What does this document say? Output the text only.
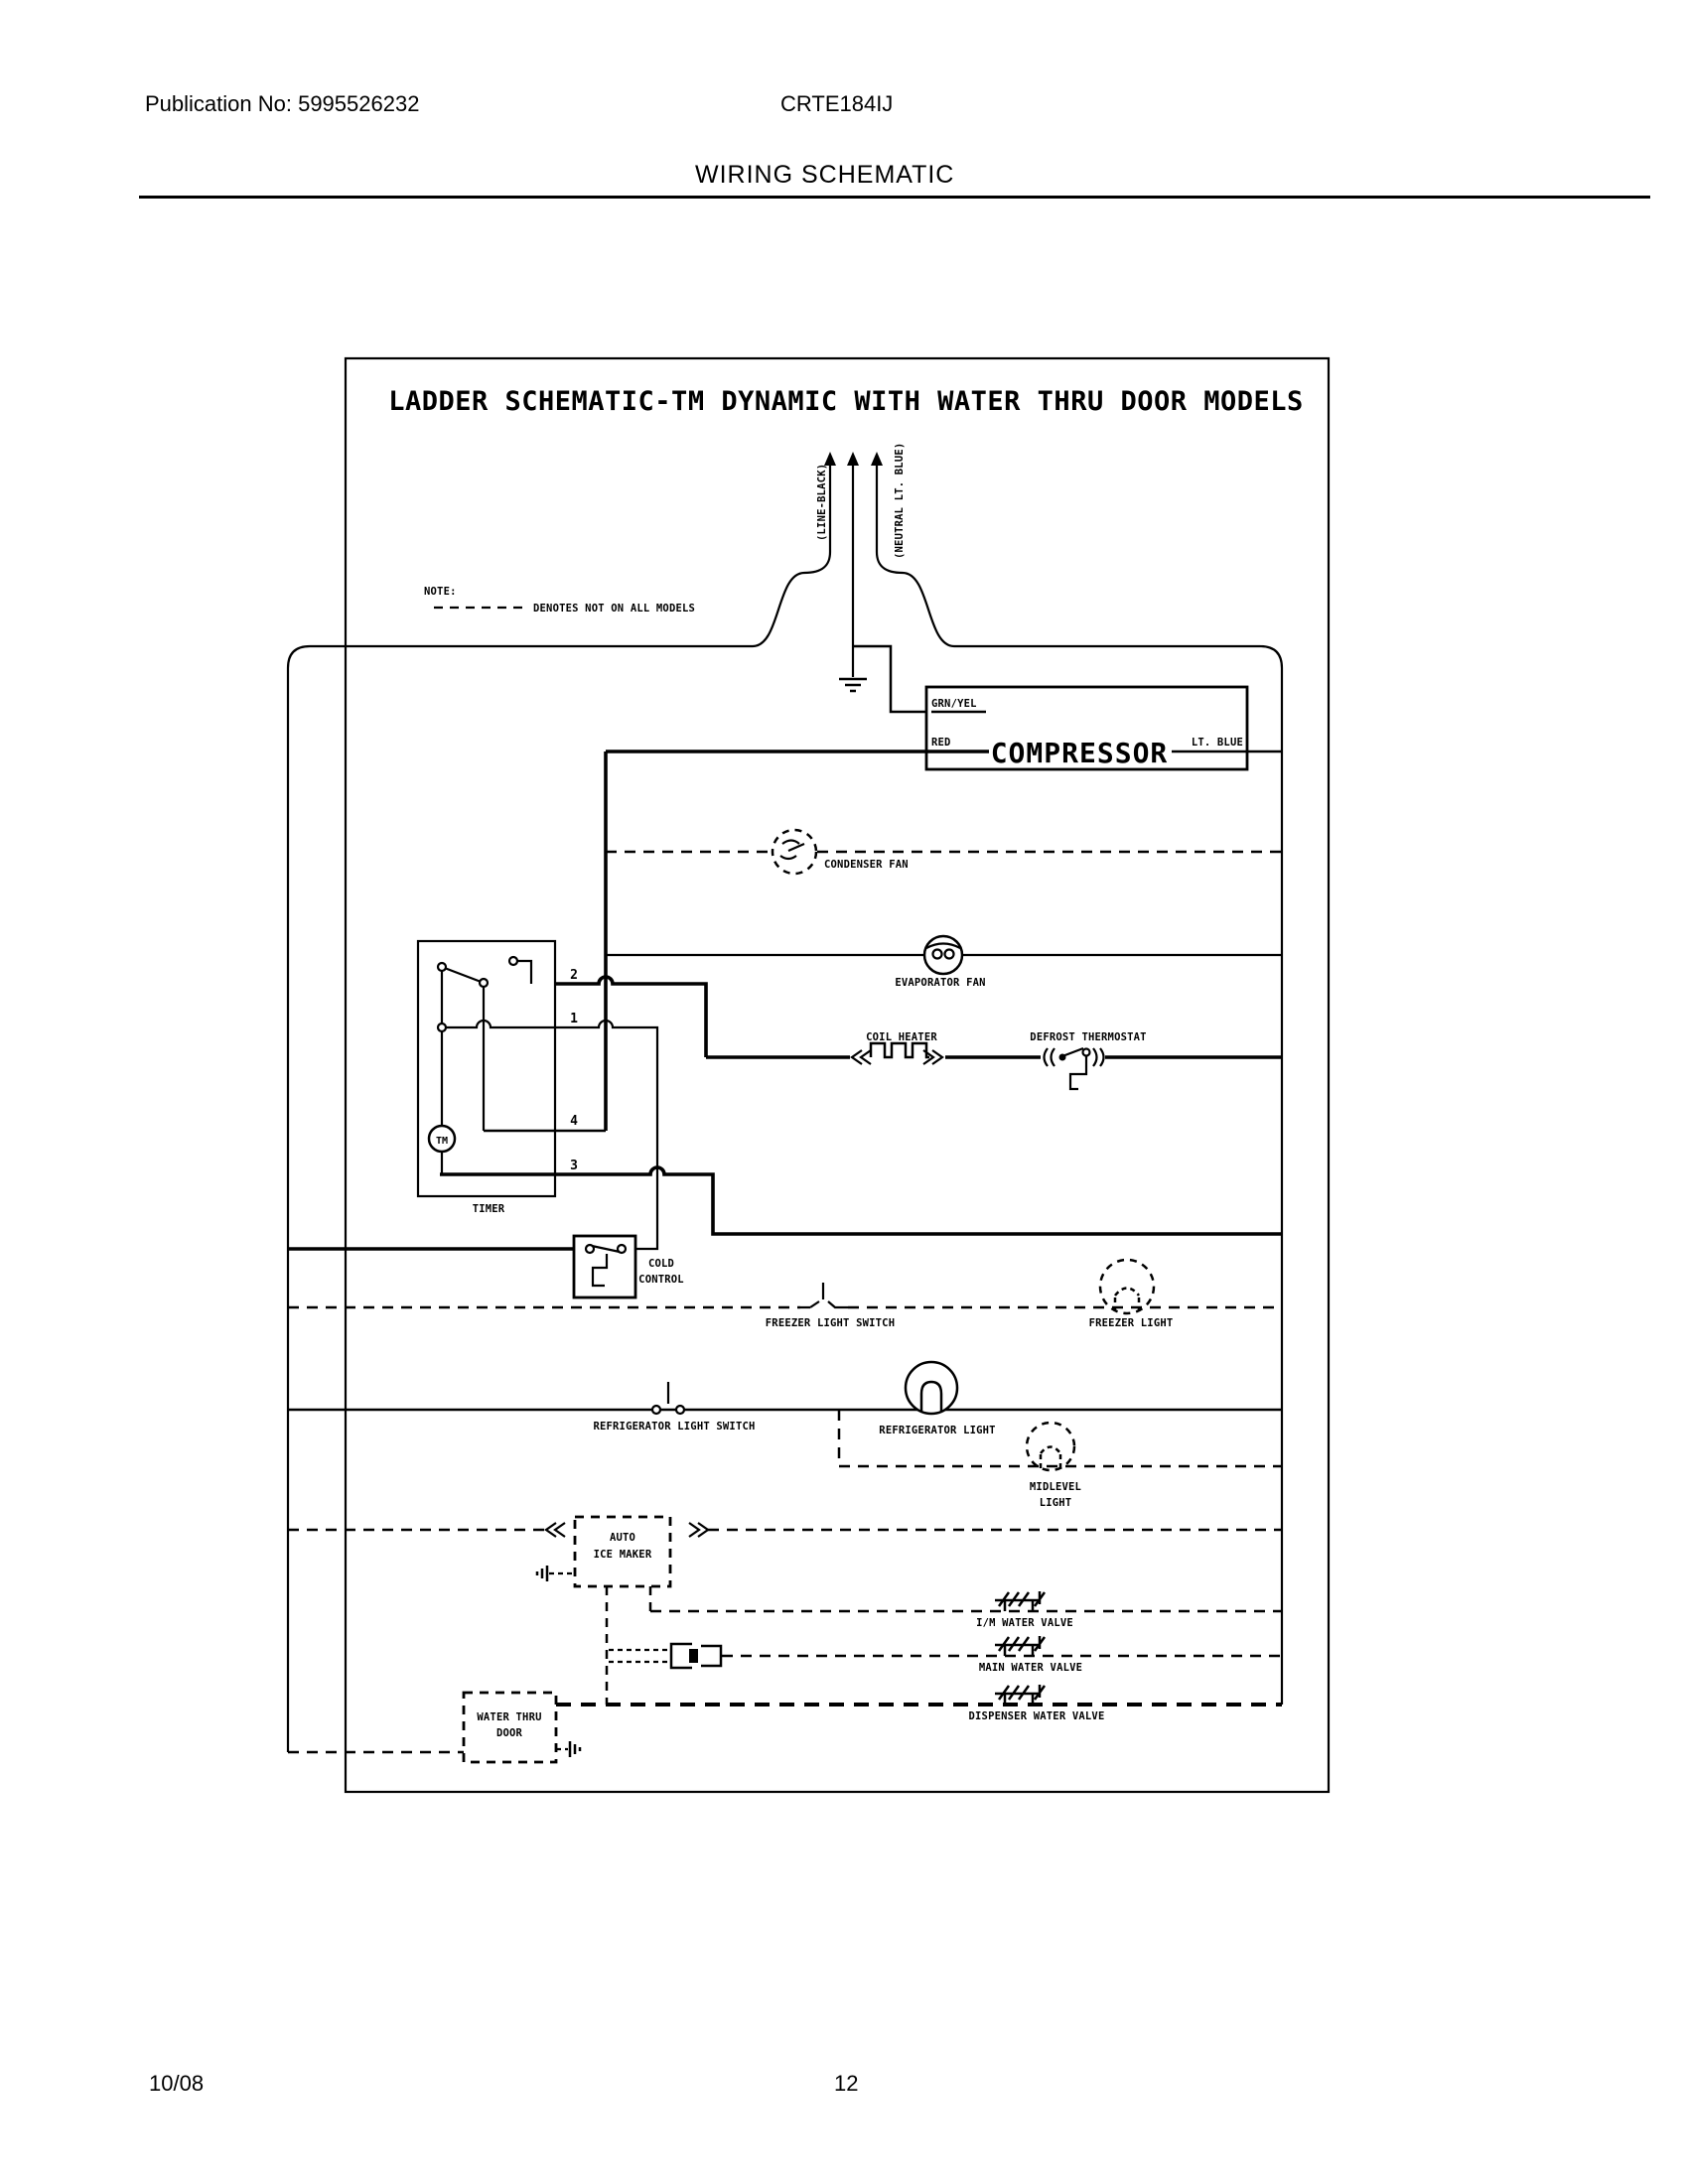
Publication No: 5995526232	CRTE184IJ
WIRING SCHEMATIC
LADDER SCHEMATIC-TM DYNAMIC WITH WATER THRU DOOR MODELS
NOTE:
DENOTES NOT ON ALL MODELS
(LINE-BLACK)	(NEUTRAL LT. BLUE)
GRN/YEL
RED COMPRESSOR LT. BLUE
CONDENSER FAN
EVAPORATOR FAN
COIL HEATER	DEFROST THERMOSTAT
TM
2
1
4
3
TIMER
COLD
CONTROL
FREEZER LIGHT SWITCH	FREEZER LIGHT
REFRIGERATOR LIGHT SWITCH	REFRIGERATOR LIGHT
MIDLEVEL
LIGHT
AUTO
ICE MAKER
I/M WATER VALVE
MAIN WATER VALVE
DISPENSER WATER VALVE
WATER THRU
DOOR
10/08	12
